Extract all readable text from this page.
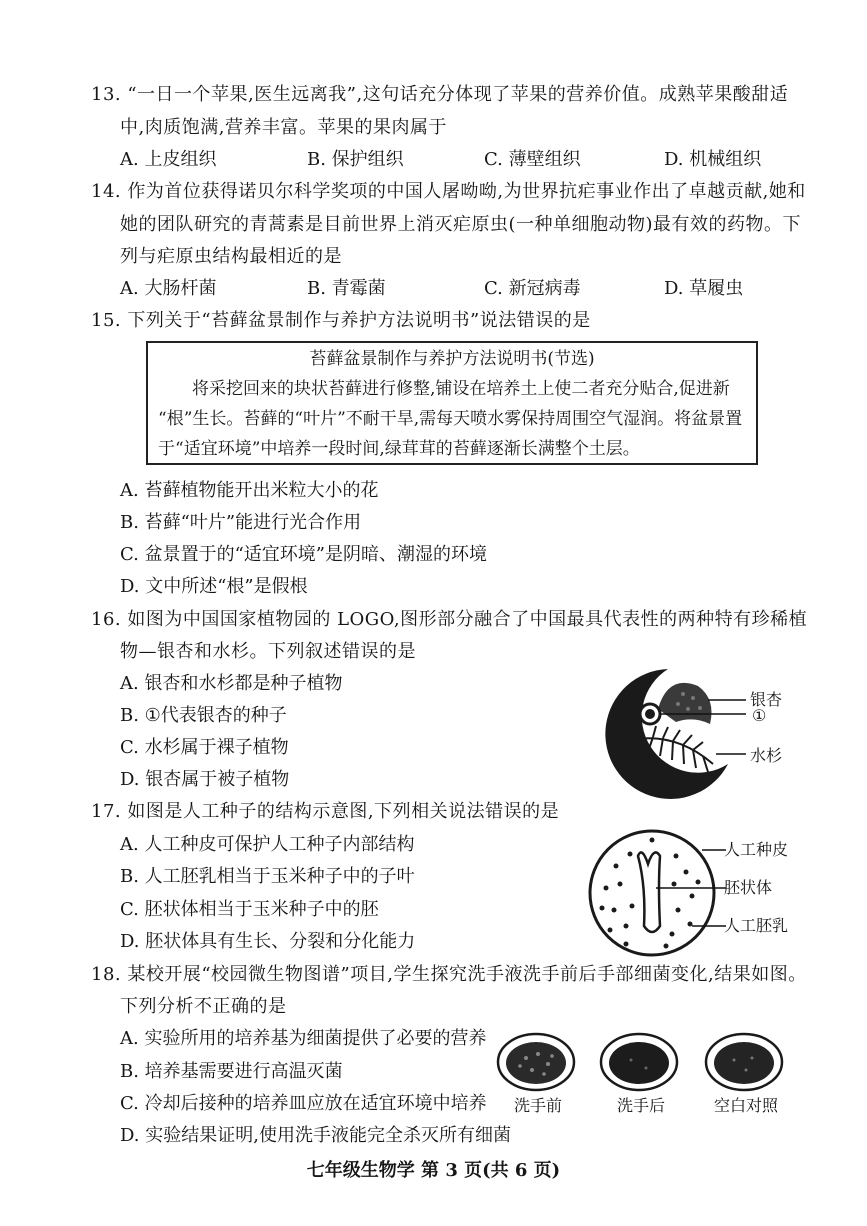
13. “一日一个苹果,医生远离我”,这句话充分体现了苹果的营养价值。成熟苹果酸甜适
中,肉质饱满,营养丰富。苹果的果肉属于
A. 上皮组织	B. 保护组织	C. 薄壁组织	D. 机械组织
14. 作为首位获得诺贝尔科学奖项的中国人屠呦呦,为世界抗疟事业作出了卓越贡献,她和
她的团队研究的青蒿素是目前世界上消灭疟原虫(一种单细胞动物)最有效的药物。下
列与疟原虫结构最相近的是
A. 大肠杆菌	B. 青霉菌	C. 新冠病毒	D. 草履虫
15. 下列关于“苔藓盆景制作与养护方法说明书”说法错误的是
苔藓盆景制作与养护方法说明书(节选)
将采挖回来的块状苔藓进行修整,铺设在培养土上使二者充分贴合,促进新
“根”生长。苔藓的“叶片”不耐干旱,需每天喷水雾保持周围空气湿润。将盆景置
于“适宜环境”中培养一段时间,绿茸茸的苔藓逐渐长满整个土层。
A. 苔藓植物能开出米粒大小的花
B. 苔藓“叶片”能进行光合作用
C. 盆景置于的“适宜环境”是阴暗、潮湿的环境
D. 文中所述“根”是假根
16. 如图为中国国家植物园的 LOGO,图形部分融合了中国最具代表性的两种特有珍稀植
物—银杏和水杉。下列叙述错误的是
A. 银杏和水杉都是种子植物
B. ①代表银杏的种子
C. 水杉属于裸子植物
D. 银杏属于被子植物
银杏
①
水杉
17. 如图是人工种子的结构示意图,下列相关说法错误的是
A. 人工种皮可保护人工种子内部结构
B. 人工胚乳相当于玉米种子中的子叶
C. 胚状体相当于玉米种子中的胚
D. 胚状体具有生长、分裂和分化能力
人工种皮
胚状体
人工胚乳
18. 某校开展“校园微生物图谱”项目,学生探究洗手液洗手前后手部细菌变化,结果如图。
下列分析不正确的是
A. 实验所用的培养基为细菌提供了必要的营养
B. 培养基需要进行高温灭菌
C. 冷却后接种的培养皿应放在适宜环境中培养
D. 实验结果证明,使用洗手液能完全杀灭所有细菌
洗手前	洗手后	空白对照
七年级生物学 第 3 页(共 6 页)
